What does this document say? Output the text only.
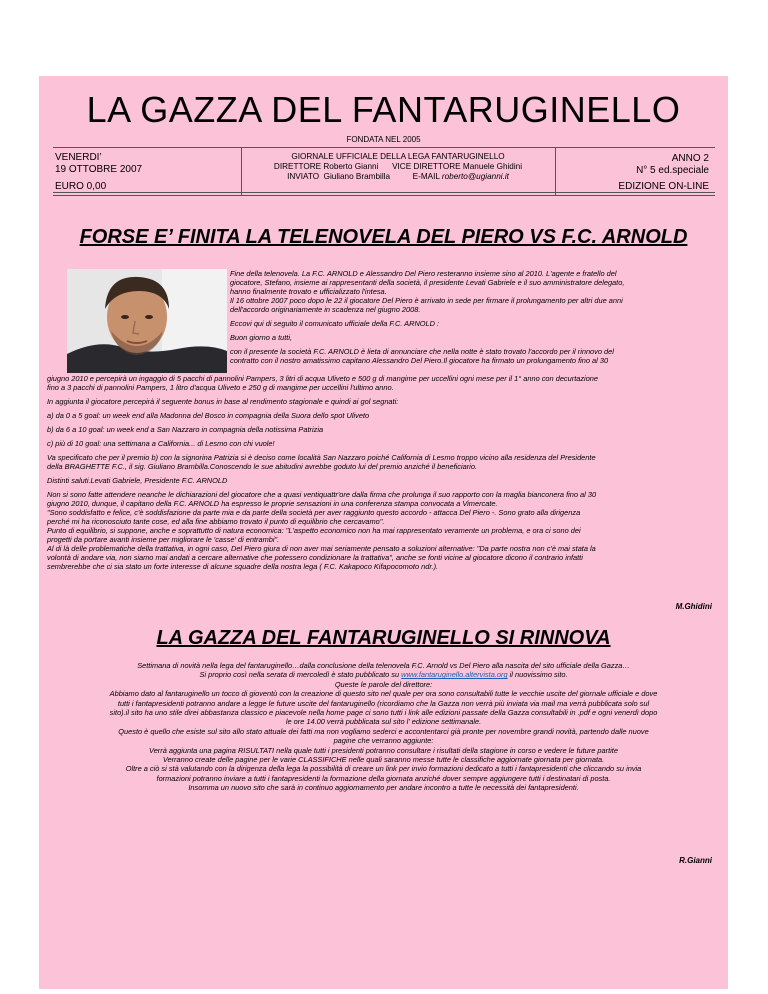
LA GAZZA DEL FANTARUGINELLO
FONDATA NEL 2005
VENERDI’
19 OTTOBRE 2007
EURO 0,00
GIORNALE UFFICIALE DELLA LEGA FANTARUGINELLO
DIRETTORE Roberto Gianni      VICE DIRETTORE Manuele Ghidini
INVIATO  Giuliano Brambilla	E-MAIL roberto@ugianni.it
ANNO 2
N° 5 ed.speciale
EDIZIONE ON-LINE
FORSE E’ FINITA LA TELENOVELA DEL PIERO VS F.C. ARNOLD

Fine della telenovela. La F.C. ARNOLD e Alessandro Del Piero resteranno insieme sino al 2010. L'agente e fratello del
giocatore, Stefano, insieme ai rappresentanti della società, il presidente Levati Gabriele e il suo amministratore delegato,
hanno finalmente trovato e ufficializzato l'intesa.
Il 16 ottobre 2007 poco dopo le 22 il giocatore Del Piero è arrivato in sede per firmare il prolungamento per altri due anni
dell'accordo originariamente in scadenza nel giugno 2008.

Eccovi qui di seguito il comunicato ufficiale della F.C. ARNOLD :

Buon giorno a tutti,

con il presente la società F.C. ARNOLD è lieta di annunciare che nella notte è stato trovato l'accordo per il rinnovo del
contratto con il nostro amatissimo capitano Alessandro Del Piero.Il giocatore ha firmato un prolungamento fino al 30

giugno 2010 e percepirà un ingaggio di 5 pacchi di pannolini Pampers, 3 litri di acqua Uliveto e 500 g di mangime per uccellini ogni mese per il 1° anno con decurtazione
fino a 3 pacchi di pannolini Pampers, 1 litro d'acqua Uliveto e 250 g di mangime per uccellini l'ultimo anno.

In aggiunta il giocatore percepirà il seguente bonus in base al rendimento stagionale e quindi ai gol segnati:

a) da 0 a 5 goal: un week end alla Madonna del Bosco in compagnia della Suora dello spot Uliveto

b) da 6 a 10 goal: un week end a San Nazzaro in compagnia della notissima Patrizia

c) più di 10 goal: una settimana a California... di Lesmo con chi vuole!

Va specificato che per il premio b) con la signorina Patrizia si è deciso come località San Nazzaro poiché California di Lesmo troppo vicino alla residenza del Presidente
della BRAGHETTE F.C., il sig. Giuliano Brambilla.Conoscendo le sue abitudini avrebbe goduto lui del premio anziché il beneficiario.

Distinti saluti.Levati Gabriele, Presidente F.C. ARNOLD

Non si sono fatte attendere neanche le dichiarazioni del giocatore che a quasi ventiquattr'ore dalla firma che prolunga il suo rapporto con la maglia bianconera fino al 30
giugno 2010, dunque, il capitano della F.C. ARNOLD ha espresso le proprie sensazioni in una conferenza stampa convocata a Vimercate.
"Sono soddisfatto e felice, c'è soddisfazione da parte mia e da parte della società per aver raggiunto questo accordo - attacca Del Piero -. Sono grato alla dirigenza
perché mi ha riconosciuto tante cose, ed alla fine abbiamo trovato il punto di equilibrio che cercavamo".
Punto di equilibrio, si suppone, anche e soprattutto di natura economica: "L'aspetto economico non ha mai rappresentato veramente un problema, e ora ci sono dei
progetti da portare avanti insieme per migliorare le 'casse' di entrambi".
Al di là delle problematiche della trattativa, in ogni caso, Del Piero giura di non aver mai seriamente pensato a soluzioni alternative: "Da parte nostra non c'è mai stata la
volontà di andare via, non siamo mai andati a cercare alternative che potessero condizionare la trattativa", anche se fonti vicine al giocatore dicono il contrario infatti
sembrerebbe che ci sia stato un forte interesse di alcune squadre della nostra lega ( F.C. Kakapoco Kifapocomoto ndr.).

M.Ghidini
LA GAZZA DEL FANTARUGINELLO SI RINNOVA
Settimana di novità nella lega del fantaruginello…dalla conclusione della telenovela F.C. Arnold vs Del Piero alla nascita del sito ufficiale della Gazza…
Si proprio così nella serata di mercoledì è stato pubblicato su www.fantaruginello.altervista.org il nuovissimo sito.
Queste le parole del direttore:
Abbiamo dato al fantaruginello un tocco di gioventù con la creazione di questo sito nel quale per ora sono consultabili tutte le vecchie uscite del giornale ufficiale e dove
tutti i fantapresidenti potranno andare a legge le future uscite del fantaruginello (ricordiamo che la Gazza non verrà più inviata via mail ma verrà pubblicata solo sul
sito).il sito ha uno stile direi abbastanza classico e piacevole nella home page ci sono tutti i link alle edizioni passate della Gazza consultabili in .pdf e ogni venerdì dopo
le ore 14.00 verrà pubblicata sul sito l' edizione settimanale.
Questo è quello che esiste sul sito allo stato attuale dei fatti ma non vogliamo sederci e accontentarci già pronte per novembre grandi novità, partendo dalle nuove
pagine che verranno aggiunte:
Verrà aggiunta una pagina RISULTATI nella quale tutti i presidenti potranno consultare i risultati della stagione in corso e vedere le future partite
Verranno create delle pagine per le varie CLASSIFICHE nelle quali saranno messe tutte le classifiche aggiornate giornata per giornata.
Oltre a ciò si stà valutando con la dirigenza della lega la possibilità di creare un link per invio formazioni dedicato a tutti i fantapresidenti che cliccando su invia
formazioni potranno inviare a tutti i fantapresidenti la formazione della giornata anziché dover sempre aggiungere tutti i destinatari di posta.
Insomma un nuovo sito che sarà in continuo aggiornamento per andare incontro a tutte le necessità dei fantapresidenti.
R.Gianni
